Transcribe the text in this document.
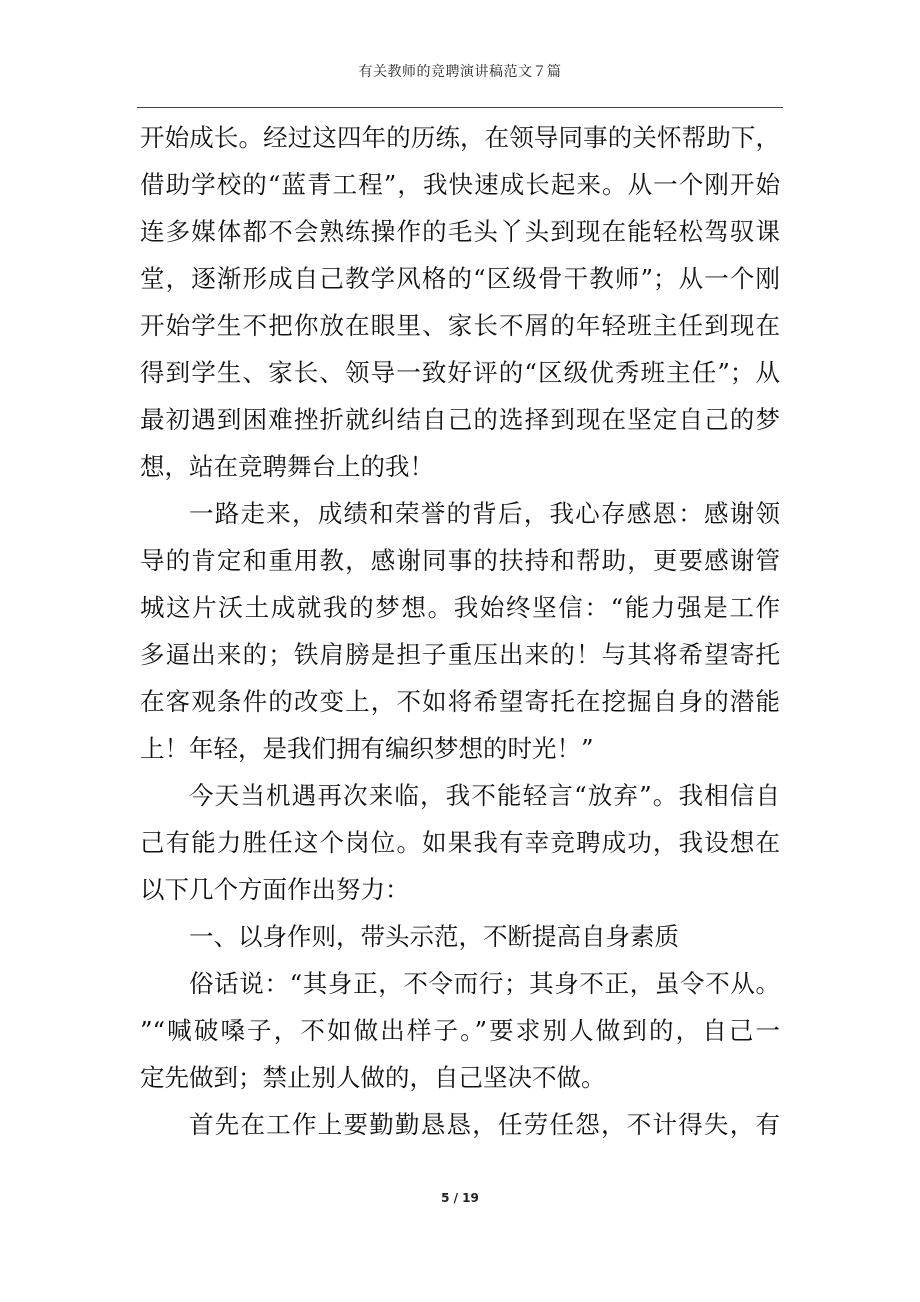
有关教师的竞聘演讲稿范文７篇
开始成长。经过这四年的历练，在领导同事的关怀帮助下，
借助学校的“蓝青工程”，我快速成长起来。从一个刚开始
连多媒体都不会熟练操作的毛头丫头到现在能轻松驾驭课
堂，逐渐形成自己教学风格的“区级骨干教师”；从一个刚
开始学生不把你放在眼里、家长不屑的年轻班主任到现在
得到学生、家长、领导一致好评的“区级优秀班主任”；从
最初遇到困难挫折就纠结自己的选择到现在坚定自己的梦
想，站在竞聘舞台上的我！
一路走来，成绩和荣誉的背后，我心存感恩：感谢领
导的肯定和重用教，感谢同事的扶持和帮助，更要感谢管
城这片沃土成就我的梦想。我始终坚信：“能力强是工作
多逼出来的；铁肩膀是担子重压出来的！与其将希望寄托
在客观条件的改变上，不如将希望寄托在挖掘自身的潜能
上！年轻，是我们拥有编织梦想的时光！”
今天当机遇再次来临，我不能轻言“放弃”。我相信自
己有能力胜任这个岗位。如果我有幸竞聘成功，我设想在
以下几个方面作出努力：
一、以身作则，带头示范，不断提高自身素质
俗话说：“其身正，不令而行；其身不正，虽令不从。
”“喊破嗓子，不如做出样子。”要求别人做到的，自己一
定先做到；禁止别人做的，自己坚决不做。
首先在工作上要勤勤恳恳，任劳任怨，不计得失，有
5 / 19
